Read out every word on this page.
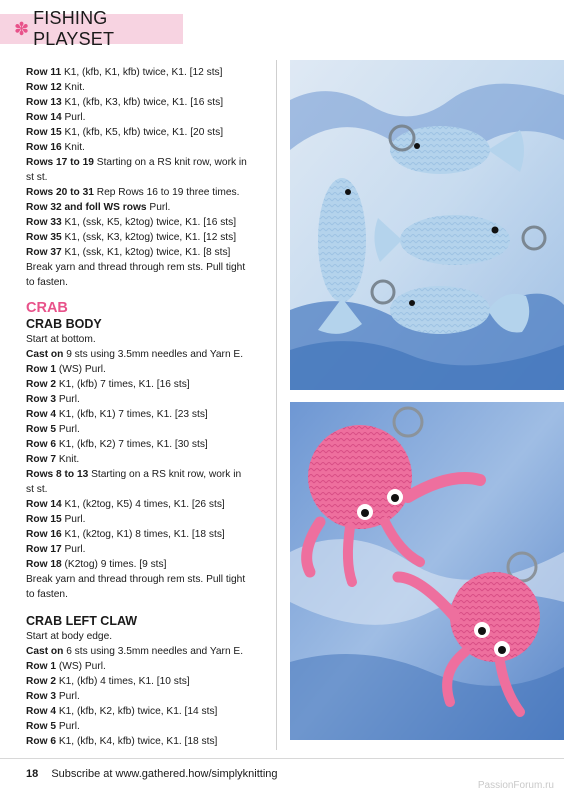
✽
FISHING PLAYSET
Row 11 K1, (kfb, K1, kfb) twice, K1. [12 sts]
Row 12 Knit.
Row 13 K1, (kfb, K3, kfb) twice, K1. [16 sts]
Row 14 Purl.
Row 15 K1, (kfb, K5, kfb) twice, K1. [20 sts]
Row 16 Knit.
Rows 17 to 19 Starting on a RS knit row, work in
st st.
Rows 20 to 31 Rep Rows 16 to 19 three times.
Row 32 and foll WS rows Purl.
Row 33 K1, (ssk, K5, k2tog) twice, K1. [16 sts]
Row 35 K1, (ssk, K3, k2tog) twice, K1. [12 sts]
Row 37 K1, (ssk, K1, k2tog) twice, K1. [8 sts]
Break yarn and thread through rem sts. Pull tight
to fasten.
CRAB
CRAB BODY
Start at bottom.
Cast on 9 sts using 3.5mm needles and Yarn E.
Row 1 (WS) Purl.
Row 2 K1, (kfb) 7 times, K1. [16 sts]
Row 3 Purl.
Row 4 K1, (kfb, K1) 7 times, K1. [23 sts]
Row 5 Purl.
Row 6 K1, (kfb, K2) 7 times, K1. [30 sts]
Row 7 Knit.
Rows 8 to 13 Starting on a RS knit row, work in
st st.
Row 14 K1, (k2tog, K5) 4 times, K1. [26 sts]
Row 15 Purl.
Row 16 K1, (k2tog, K1) 8 times, K1. [18 sts]
Row 17 Purl.
Row 18 (K2tog) 9 times. [9 sts]
Break yarn and thread through rem sts. Pull tight
to fasten.
CRAB LEFT CLAW
Start at body edge.
Cast on 6 sts using 3.5mm needles and Yarn E.
Row 1 (WS) Purl.
Row 2 K1, (kfb) 4 times, K1. [10 sts]
Row 3 Purl.
Row 4 K1, (kfb, K2, kfb) twice, K1. [14 sts]
Row 5 Purl.
Row 6 K1, (kfb, K4, kfb) twice, K1. [18 sts]
18 Subscribe at www.gathered.how/simplyknitting
PassionForum.ru
